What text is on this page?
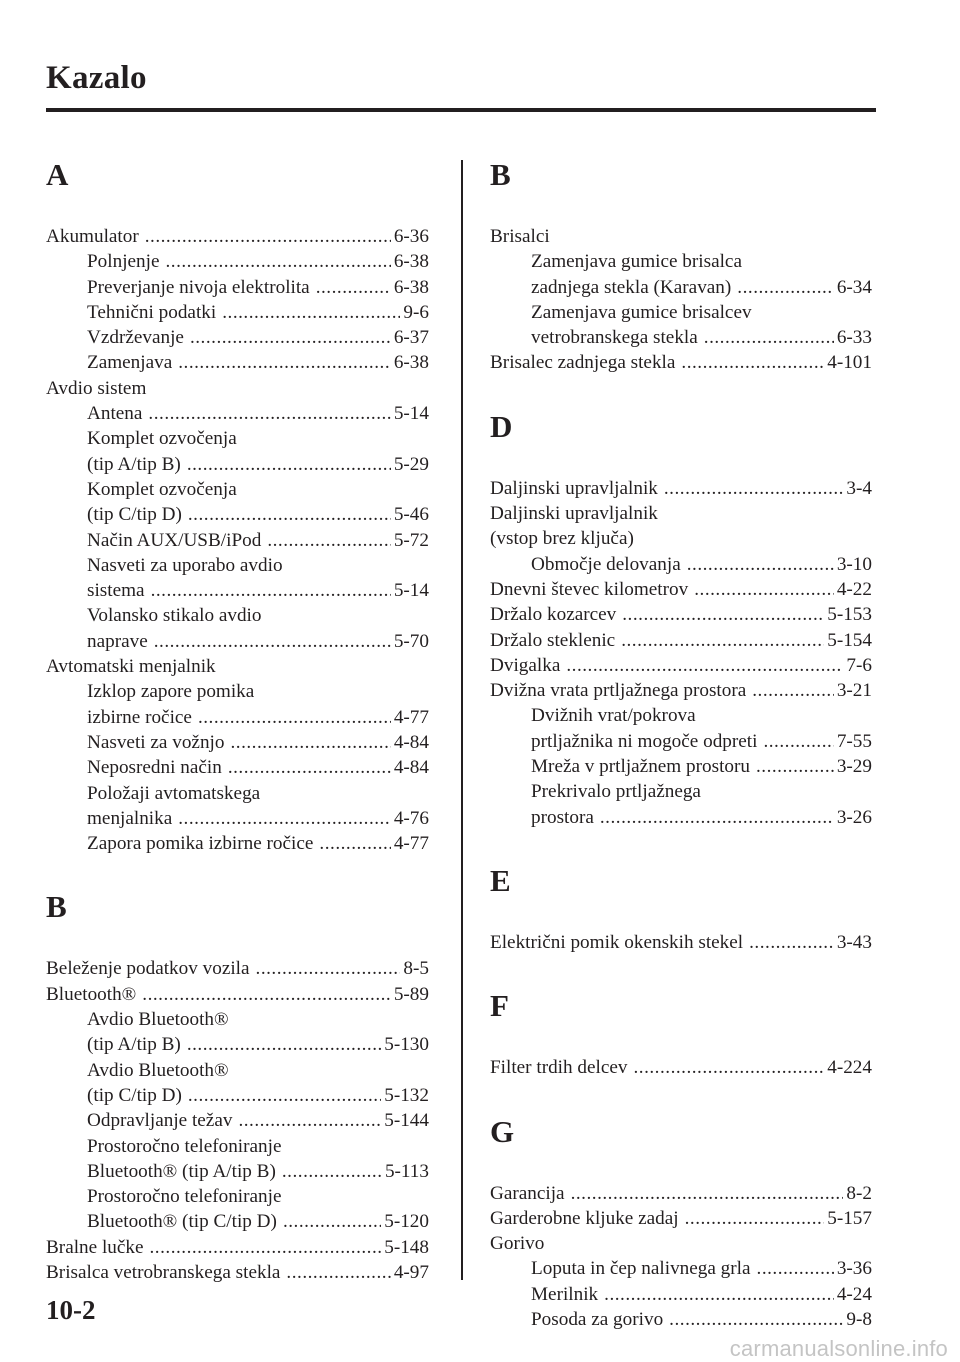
Kazalo
A
Akumulator .....	6-36
Polnjenje .....	6-38
Preverjanje nivoja elektrolita .....	6-38
Tehnični podatki .....	9-6
Vzdrževanje .....	6-37
Zamenjava .....	6-38
Avdio sistem
Antena .....	5-14
Komplet ozvočenja
(tip A/tip B) .....	5-29
Komplet ozvočenja
(tip C/tip D) .....	5-46
Način AUX/USB/iPod .....	5-72
Nasveti za uporabo avdio
sistema .....	5-14
Volansko stikalo avdio
naprave .....	5-70
Avtomatski menjalnik
Izklop zapore pomika
izbirne ročice .....	4-77
Nasveti za vožnjo .....	4-84
Neposredni način .....	4-84
Položaji avtomatskega
menjalnika .....	4-76
Zapora pomika izbirne ročice .....	4-77
B
Beleženje podatkov vozila .....	8-5
Bluetooth® .....	5-89
Avdio Bluetooth®
(tip A/tip B) .....	5-130
Avdio Bluetooth®
(tip C/tip D) .....	5-132
Odpravljanje težav .....	5-144
Prostoročno telefoniranje
Bluetooth® (tip A/tip B) .....	5-113
Prostoročno telefoniranje
Bluetooth® (tip C/tip D) .....	5-120
Bralne lučke .....	5-148
Brisalca vetrobranskega stekla .....	4-97
B
Brisalci
Zamenjava gumice brisalca
zadnjega stekla (Karavan) .....	6-34
Zamenjava gumice brisalcev
vetrobranskega stekla .....	6-33
Brisalec zadnjega stekla .....	4-101
D
Daljinski upravljalnik .....	3-4
Daljinski upravljalnik
(vstop brez ključa)
Območje delovanja .....	3-10
Dnevni števec kilometrov .....	4-22
Držalo kozarcev .....	5-153
Držalo steklenic .....	5-154
Dvigalka .....	7-6
Dvižna vrata prtljažnega prostora .....	3-21
Dvižnih vrat/pokrova
prtljažnika ni mogoče odpreti .....	7-55
Mreža v prtljažnem prostoru .....	3-29
Prekrivalo prtljažnega
prostora .....	3-26
E
Električni pomik okenskih stekel .....	3-43
F
Filter trdih delcev .....	4-224
G
Garancija .....	8-2
Garderobne kljuke zadaj .....	5-157
Gorivo
Loputa in čep nalivnega grla .....	3-36
Merilnik .....	4-24
Posoda za gorivo .....	9-8
10-2
carmanualsonline.info
